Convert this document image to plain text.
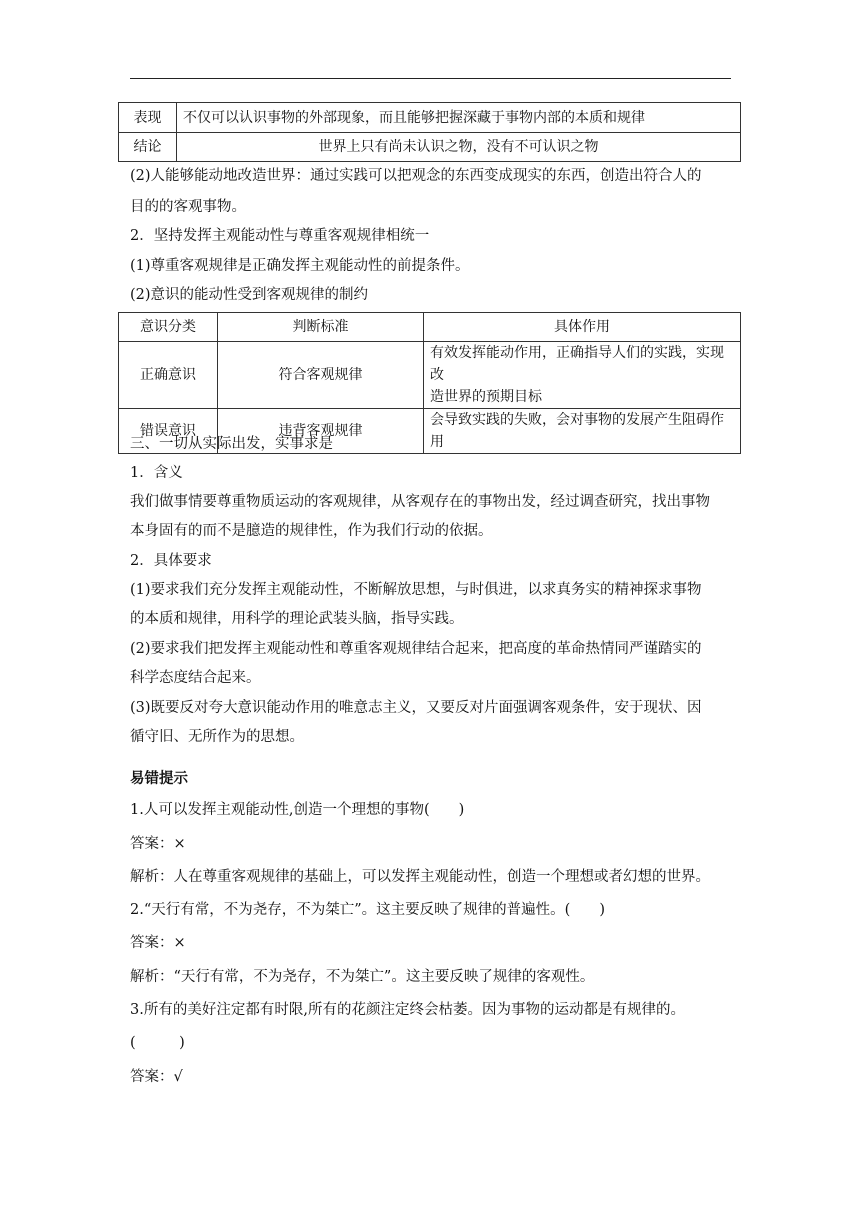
表现	不仅可以认识事物的外部现象，而且能够把握深藏于事物内部的本质和规律
结论	世界上只有尚未认识之物，没有不可认识之物
(2)人能够能动地改造世界：通过实践可以把观念的东西变成现实的东西，创造出符合人的
目的的客观事物。
2．坚持发挥主观能动性与尊重客观规律相统一
(1)尊重客观规律是正确发挥主观能动性的前提条件。
(2)意识的能动性受到客观规律的制约
意识分类	判断标准	具体作用
正确意识	符合客观规律	有效发挥能动作用，正确指导人们的实践，实现改
造世界的预期目标

错误意识	违背客观规律	会导致实践的失败，会对事物的发展产生阻碍作用
三、一切从实际出发，实事求是
1．含义
我们做事情要尊重物质运动的客观规律，从客观存在的事物出发，经过调查研究，找出事物
本身固有的而不是臆造的规律性，作为我们行动的依据。
2．具体要求
(1)要求我们充分发挥主观能动性，不断解放思想，与时俱进，以求真务实的精神探求事物
的本质和规律，用科学的理论武装头脑，指导实践。
(2)要求我们把发挥主观能动性和尊重客观规律结合起来，把高度的革命热情同严谨踏实的
科学态度结合起来。
(3)既要反对夸大意识能动作用的唯意志主义，又要反对片面强调客观条件，安于现状、因
循守旧、无所作为的思想。
易错提示
1.人可以发挥主观能动性,创造一个理想的事物(　　)
答案：×
解析：人在尊重客观规律的基础上，可以发挥主观能动性，创造一个理想或者幻想的世界。
2.“天行有常，不为尧存，不为桀亡”。这主要反映了规律的普遍性。(　　)
答案：×
解析：“天行有常，不为尧存，不为桀亡”。这主要反映了规律的客观性。
3.所有的美好注定都有时限,所有的花颜注定终会枯萎。因为事物的运动都是有规律的。
(　　　)
答案：√
